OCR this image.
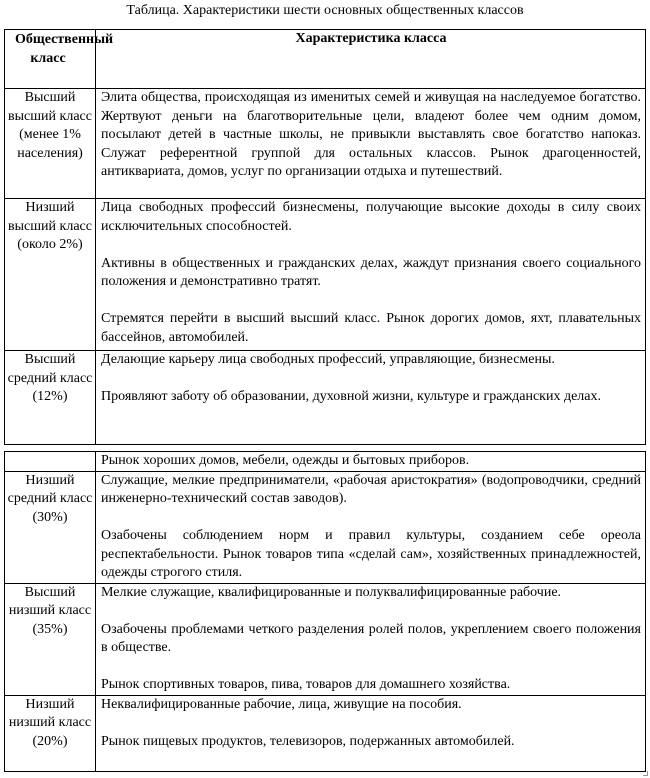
Таблица. Характеристики шести основных общественных классов
Общественный класс	Характеристика класса
Высший высший класс (менее 1% населения)	Элита общества, происходящая из именитых семей и живущая на наследуемое богатство. Жертвуют деньги на благотворительные цели, владеют более чем одним домом, посылают детей в частные школы, не привыкли выставлять свое богатство напоказ. Служат референтной группой для остальных классов. Рынок драгоценностей, антиквариата, домов, услуг по организации отдыха и путешествий.

Низший высший класс (около 2%)	Лица свободных профессий бизнесмены, получающие высокие доходы в силу своих исключительных способностей.
Активны в общественных и гражданских делах, жаждут признания своего социального положения и демонстративно тратят.
Стремятся перейти в высший высший класс. Рынок дорогих домов, яхт, плавательных бассейнов, автомобилей.

Высший средний класс (12%)	Делающие карьеру лица свободных профессий, управляющие, бизнесмены.
Проявляют заботу об образовании, духовной жизни, культуре и гражданских делах.
	Рынок хороших домов, мебели, одежды и бытовых приборов.
Низший средний класс (30%)	Служащие, мелкие предприниматели, «рабочая аристократия» (водопроводчики, средний инженерно-технический состав заводов).
Озабочены соблюдением норм и правил культуры, созданием себе ореола респектабельности. Рынок товаров типа «сделай сам», хозяйственных принадлежностей, одежды строгого стиля.

Высший низший класс (35%)	Мелкие служащие, квалифицированные и полуквалифицированные рабочие.
Озабочены проблемами четкого разделения ролей полов, укреплением своего положения в обществе.
Рынок спортивных товаров, пива, товаров для домашнего хозяйства.

Низший низший класс (20%)	Неквалифицированные рабочие, лица, живущие на пособия.
Рынок пищевых продуктов, телевизоров, подержанных автомобилей.
